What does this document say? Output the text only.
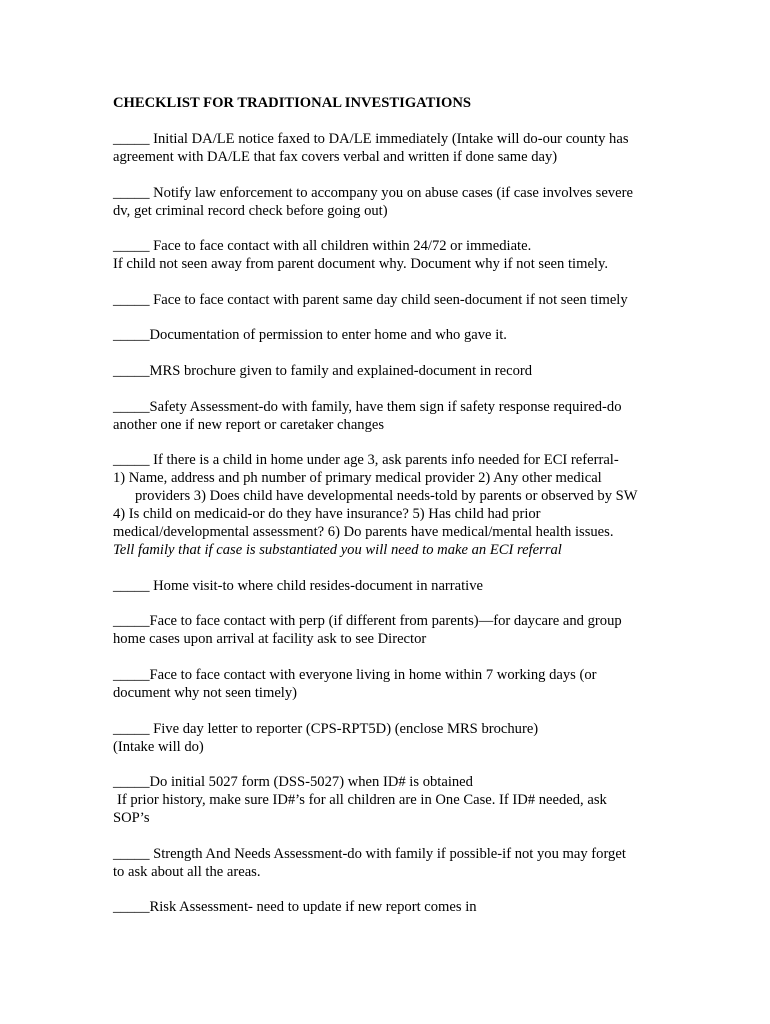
CHECKLIST FOR TRADITIONAL INVESTIGATIONS
_____ Initial DA/LE notice faxed to DA/LE immediately (Intake will do-our county has
agreement with DA/LE that fax covers verbal and written if done same day)
_____ Notify law enforcement to accompany you on abuse cases (if case involves severe
dv, get criminal record check before going out)
_____ Face to face contact with all children within 24/72 or immediate.
If child not seen away from parent document why. Document why if not seen timely.
_____ Face to face contact with parent same day child seen-document if not seen timely
_____Documentation of permission to enter home and who gave it.
_____MRS brochure given to family and explained-document in record
_____Safety Assessment-do with family, have them sign if safety response required-do
another one if new report or caretaker changes
_____ If there is a child in home under age 3, ask parents info needed for ECI referral-
1) Name, address and ph number of primary medical provider 2) Any other medical
providers 3) Does child have developmental needs-told by parents or observed by SW
4) Is child on medicaid-or do they have insurance? 5) Has child had prior
medical/developmental assessment? 6) Do parents have medical/mental health issues.
Tell family that if case is substantiated you will need to make an ECI referral
_____ Home visit-to where child resides-document in narrative
_____Face to face contact with perp (if different from parents)—for daycare and group
home cases upon arrival at facility ask to see Director
_____Face to face contact with everyone living in home within 7 working days (or
document why not seen timely)
_____ Five day letter to reporter (CPS-RPT5D) (enclose MRS brochure)
(Intake will do)
_____Do initial 5027 form (DSS-5027) when ID# is obtained
If prior history, make sure ID#’s for all children are in One Case. If ID# needed, ask
SOP’s
_____ Strength And Needs Assessment-do with family if possible-if not you may forget
to ask about all the areas.
_____Risk Assessment- need to update if new report comes in
